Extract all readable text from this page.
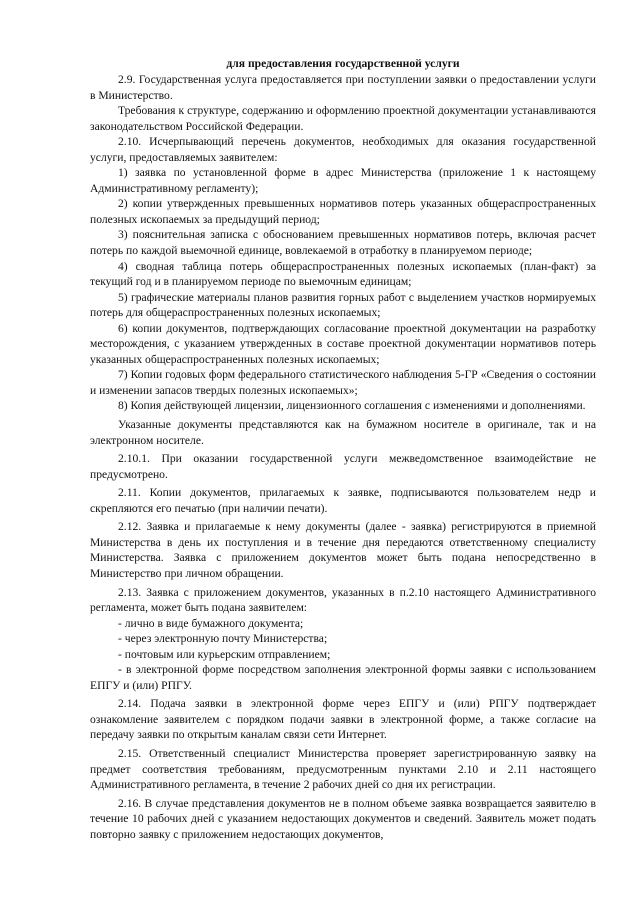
для предоставления государственной услуги

2.9. Государственная услуга предоставляется при поступлении заявки о предоставлении услуги в Министерство.

Требования к структуре, содержанию и оформлению проектной документации устанавливаются законодательством Российской Федерации.

2.10. Исчерпывающий перечень документов, необходимых для оказания государственной услуги, предоставляемых заявителем:

1) заявка по установленной форме в адрес Министерства (приложение 1 к настоящему Административному регламенту);

2) копии утвержденных превышенных нормативов потерь указанных общераспространенных полезных ископаемых за предыдущий период;

3) пояснительная записка с обоснованием превышенных нормативов потерь, включая расчет потерь по каждой выемочной единице, вовлекаемой в отработку в планируемом периоде;

4) сводная таблица потерь общераспространенных полезных ископаемых (план-факт) за текущий год и в планируемом периоде по выемочным единицам;

5) графические материалы планов развития горных работ с выделением участков нормируемых потерь для общераспространенных полезных ископаемых;

6) копии документов, подтверждающих согласование проектной документации на разработку месторождения, с указанием утвержденных в составе проектной документации нормативов потерь указанных общераспространенных полезных ископаемых;

7) Копии годовых форм федерального статистического наблюдения 5-ГР «Сведения о состоянии и изменении запасов твердых полезных ископаемых»;

8) Копия действующей лицензии, лицензионного соглашения с изменениями и дополнениями.

Указанные документы представляются как на бумажном носителе в оригинале, так и на электронном носителе.

2.10.1. При оказании государственной услуги межведомственное взаимодействие не предусмотрено.

2.11. Копии документов, прилагаемых к заявке, подписываются пользователем недр и скрепляются его печатью (при наличии печати).

2.12. Заявка и прилагаемые к нему документы (далее - заявка) регистрируются в приемной Министерства в день их поступления и в течение дня передаются ответственному специалисту Министерства. Заявка с приложением документов может быть подана непосредственно в Министерство при личном обращении.

2.13. Заявка с приложением документов, указанных в п.2.10 настоящего Административного регламента, может быть подана заявителем:

- лично в виде бумажного документа;

- через электронную почту Министерства;

- почтовым или курьерским отправлением;

- в электронной форме посредством заполнения электронной формы заявки с использованием ЕПГУ и (или) РПГУ.

2.14. Подача заявки в электронной форме через ЕПГУ и (или) РПГУ подтверждает ознакомление заявителем с порядком подачи заявки в электронной форме, а также согласие на передачу заявки по открытым каналам связи сети Интернет.

2.15. Ответственный специалист Министерства проверяет зарегистрированную заявку на предмет соответствия требованиям, предусмотренным пунктами 2.10 и 2.11 настоящего Административного регламента, в течение 2 рабочих дней со дня их регистрации.

2.16. В случае представления документов не в полном объеме заявка возвращается заявителю в течение 10 рабочих дней с указанием недостающих документов и сведений. Заявитель может подать повторно заявку с приложением недостающих документов,
